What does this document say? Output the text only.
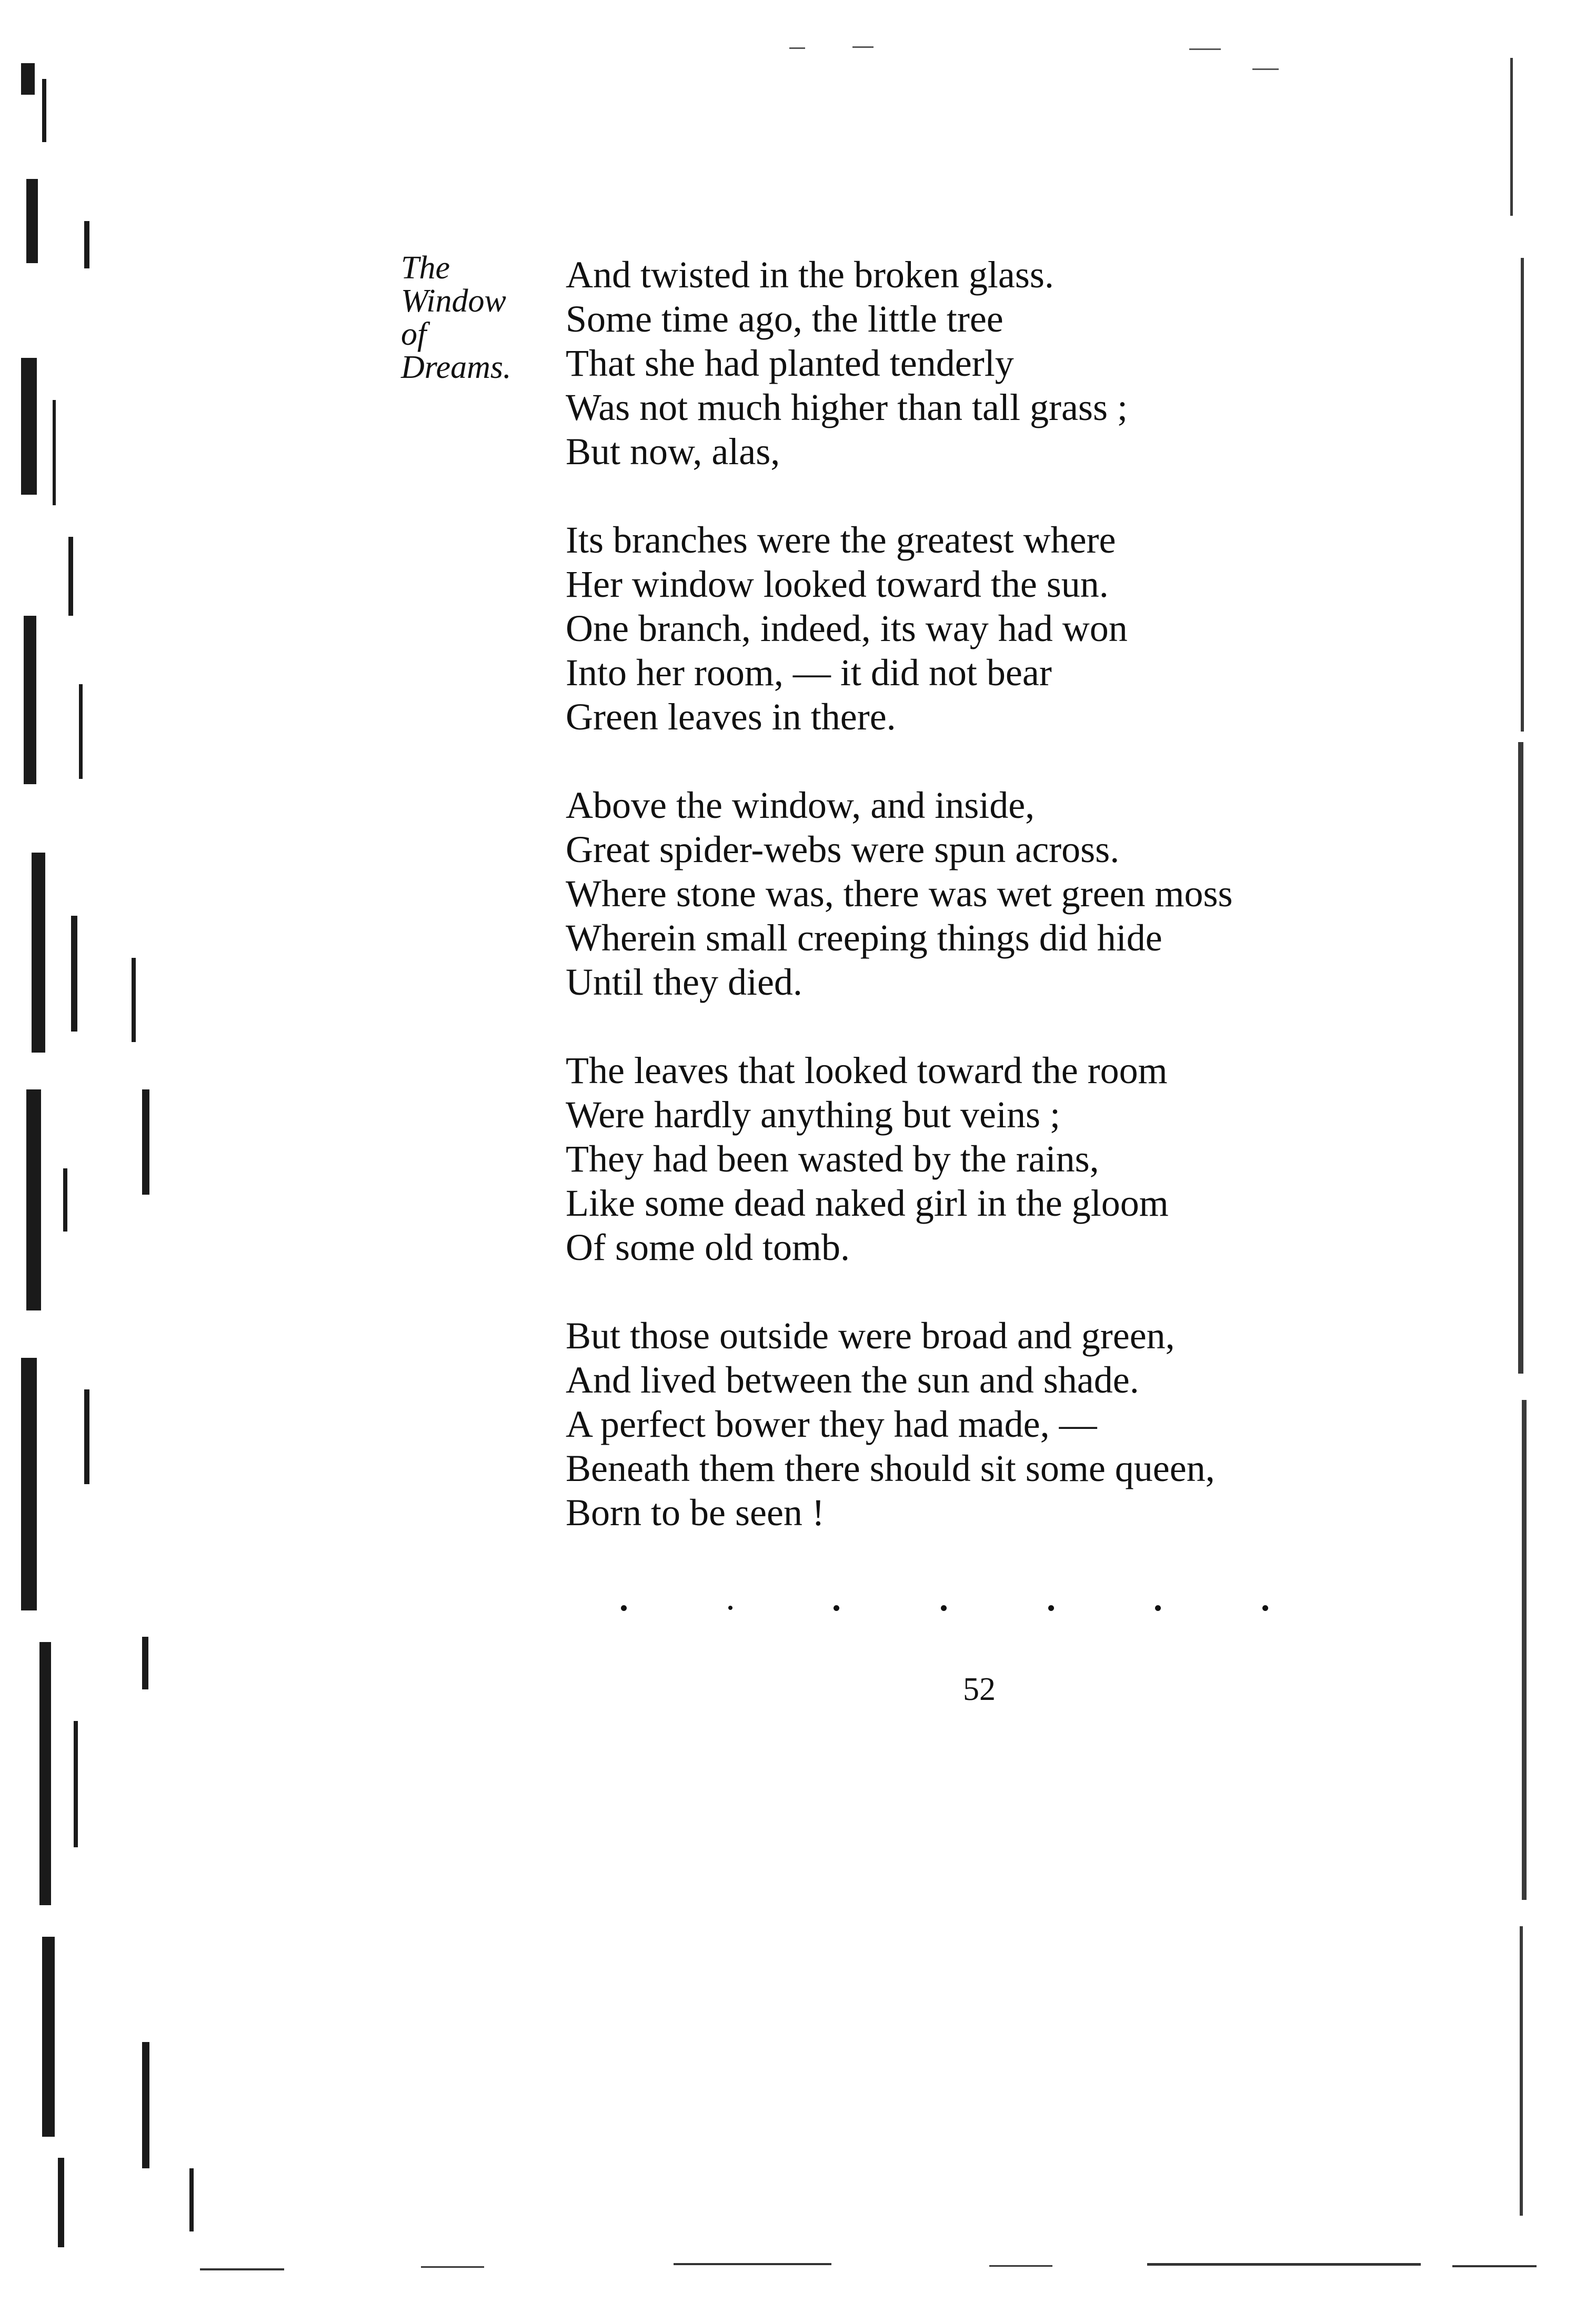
The
Window
of
Dreams.
And twisted in the broken glass.
Some time ago, the little tree
That she had planted tenderly
Was not much higher than tall grass ;
But now, alas,
Its branches were the greatest where
Her window looked toward the sun.
One branch, indeed, its way had won
Into her room, — it did not bear
Green leaves in there.
Above the window, and inside,
Great spider-webs were spun across.
Where stone was, there was wet green moss
Wherein small creeping things did hide
Until they died.
The leaves that looked toward the room
Were hardly anything but veins ;
They had been wasted by the rains,
Like some dead naked girl in the gloom
Of some old tomb.
But those outside were broad and green,
And lived between the sun and shade.
A perfect bower they had made, —
Beneath them there should sit some queen,
Born to be seen !
52
